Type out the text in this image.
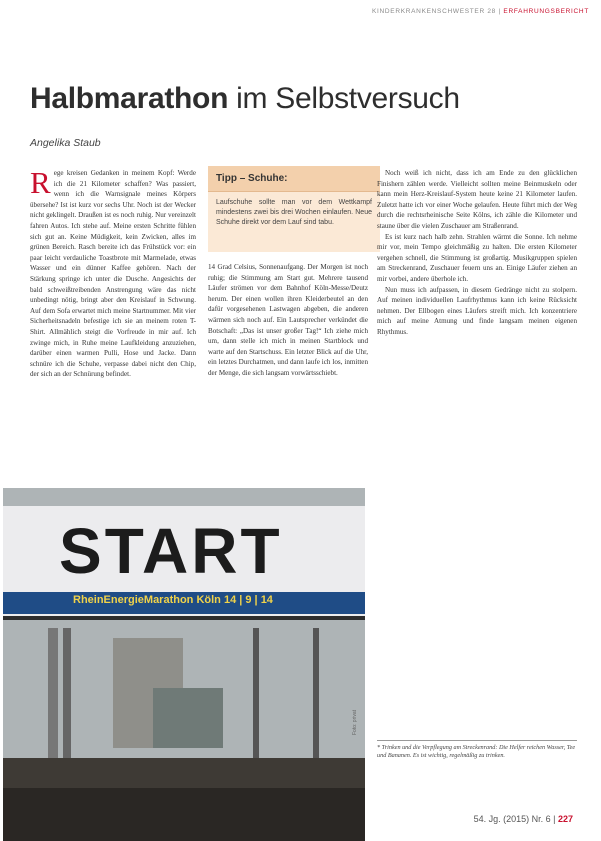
KINDERKRANKENSCHWESTER 28 | ERFAHRUNGSBERICHT
Halbmarathon im Selbstversuch
Angelika Staub

Rege kreisen Gedanken in meinem Kopf: Werde ich die 21 Kilometer schaffen? Was passiert, wenn ich die Warnsignale meines Körpers übersehe? Ist ist kurz vor sechs Uhr. Noch ist der Wecker nicht geklingelt. Draußen ist es noch ruhig. Nur vereinzelt fahren Autos. Ich stehe auf. Meine ersten Schritte fühlen sich gut an. Keine Müdigkeit, kein Zwicken, alles im grünen Bereich. Rasch bereite ich das Frühstück vor: ein paar leicht verdauliche Toastbrote mit Marmelade, etwas Wasser und ein dünner Kaffee gehören. Nach der Stärkung springe ich unter die Dusche. Angesichts der bald schweißtreibenden Anstrengung wäre das nicht unbedingt nötig, bringt aber den Kreislauf in Schwung. Auf dem Sofa erwartet mich meine Startnummer. Mit vier Sicherheitsnadeln befestige ich sie an meinem roten T-Shirt. Allmählich steigt die Vorfreude in mir auf. Ich zwinge mich, in Ruhe meine Laufkleidung anzuziehen, darüber einen warmen Pulli, Hose und Jacke. Dann schnüre ich die Schuhe, verpasse dabei nicht den Chip, der sich an der Schnürung befindet.

Tipp – Schuhe:
Laufschuhe sollte man vor dem Wettkampf mindestens zwei bis drei Wochen einlaufen. Neue Schuhe direkt vor dem Lauf sind tabu.

14 Grad Celsius, Sonnenaufgang. Der Morgen ist noch ruhig; die Stimmung am Start gut. Mehrere tausend Läufer strömen vor dem Bahnhof Köln-Messe/Deutz herum. Der einen wollen ihren Kleiderbeutel an den dafür vorgesehenen Lastwagen abgeben, die anderen wärmen sich noch auf. Ein Lautsprecher verkündet die Botschaft: „Das ist unser großer Tag!“ Ich ziehe mich um, dann stelle ich mich in meinen Startblock und warte auf den Startschuss. Ein letzter Blick auf die Uhr, ein letztes Durchatmen, und dann laufe ich los, inmitten der Menge, die sich langsam vorwärtsschiebt.

Noch weiß ich nicht, dass ich am Ende zu den glücklichen Finishern zählen werde. Vielleicht sollten meine Beinmuskeln oder kann mein Herz-Kreislauf-System heute keine 21 Kilometer laufen. Zuletzt hatte ich vor einer Woche gelaufen. Heute führt mich der Weg durch die rechtsrheinische Seite Kölns, ich zähle die Kilometer und staune über die vielen Zuschauer am Straßenrand.

Es ist kurz nach halb zehn. Strahlen wärmt die Sonne. Ich nehme mir vor, mein Tempo gleichmäßig zu halten. Die ersten Kilometer vergehen schnell, die Stimmung ist großartig. Musikgruppen spielen am Streckenrand, Zuschauer feuern uns an. Einige Läufer ziehen an mir vorbei, andere überhole ich.

Nun muss ich aufpassen, in diesem Gedränge nicht zu stolpern. Auf meinen individuellen Laufrhythmus kann ich keine Rücksicht nehmen. Der Ellbogen eines Läufers streift mich. Ich konzentriere mich auf meine Atmung und finde langsam meinen eigenen Rhythmus.

START
RheinEnergieMarathon Köln 14 | 9 | 14
Foto: privat
* Trinken und die Verpflegung am Streckenrand: Die Helfer reichen Wasser, Tee und Bananen. Es ist wichtig, regelmäßig zu trinken.
54. Jg. (2015) Nr. 6 | 227
